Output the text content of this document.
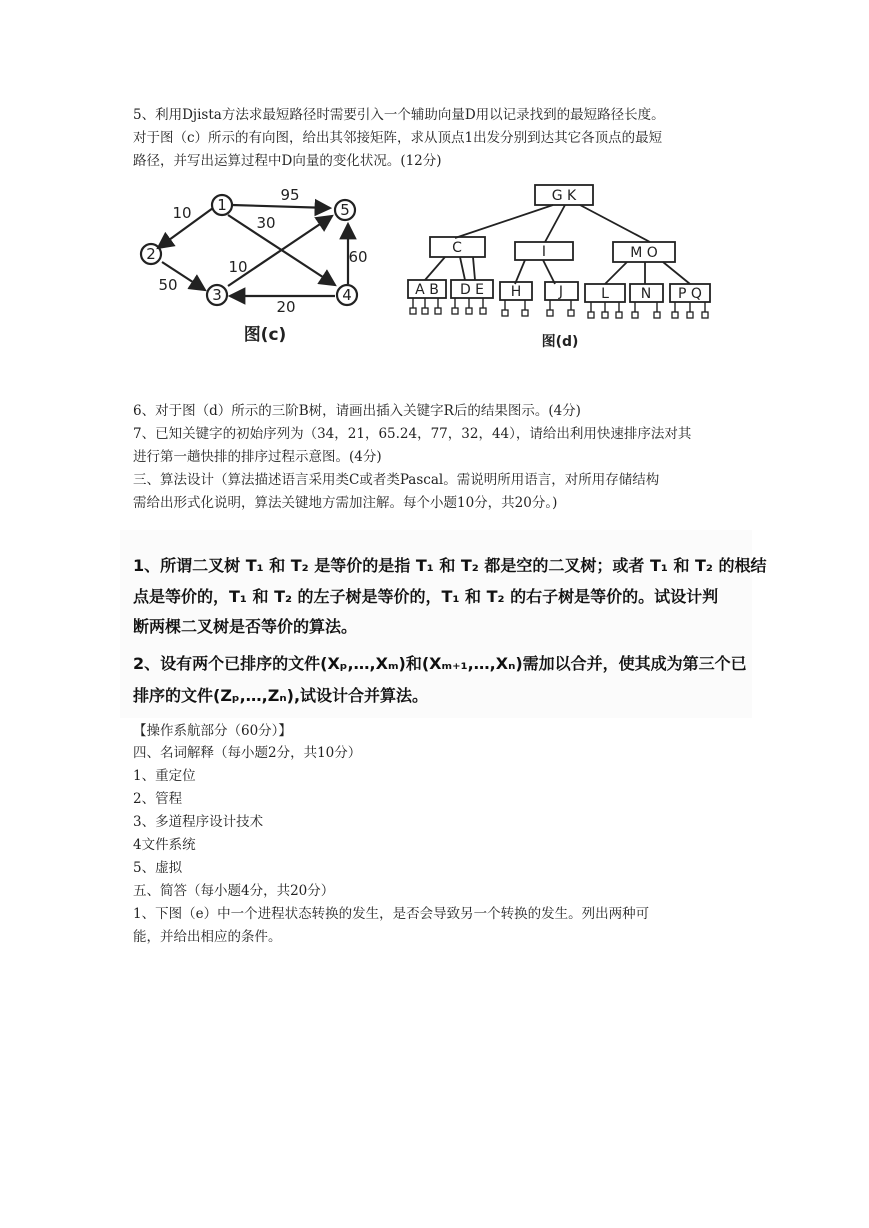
5、利用Djista方法求最短路径时需要引入一个辅助向量D用以记录找到的最短路径长度。
对于图（c）所示的有向图，给出其邻接矩阵，求从顶点1出发分别到达其它各顶点的最短
路径，并写出运算过程中D向量的变化状况。(12分)
1
2
3	4
5
10
95
30
50
10
20
60
图(c)
G K
C	I	M O
A B D E H	J	L N P Q
图(d)
6、对于图（d）所示的三阶B树，请画出插入关键字R后的结果图示。(4分)
7、已知关键字的初始序列为（34，21，65.24，77，32，44），请给出利用快速排序法对其
进行第一趟快排的排序过程示意图。(4分)
三、算法设计（算法描述语言采用类C或者类Pascal。需说明所用语言，对所用存储结构
需给出形式化说明，算法关键地方需加注解。每个小题10分，共20分。)
1、所谓二叉树 T₁ 和 T₂ 是等价的是指 T₁ 和 T₂ 都是空的二叉树；或者 T₁ 和 T₂ 的根结
点是等价的，T₁ 和 T₂ 的左子树是等价的，T₁ 和 T₂ 的右子树是等价的。试设计判
断两棵二叉树是否等价的算法。
2、设有两个已排序的文件(Xₚ,…,Xₘ)和(Xₘ₊₁,…,Xₙ)需加以合并，使其成为第三个已
排序的文件(Zₚ,…,Zₙ),试设计合并算法。
【操作系航部分（60分）】
四、名词解释（每小题2分，共10分）
1、重定位
2、管程
3、多道程序设计技术
4文件系统
5、虚拟
五、简答（每小题4分，共20分）
1、下图（e）中一个进程状态转换的发生，是否会导致另一个转换的发生。列出两种可
能，并给出相应的条件。
